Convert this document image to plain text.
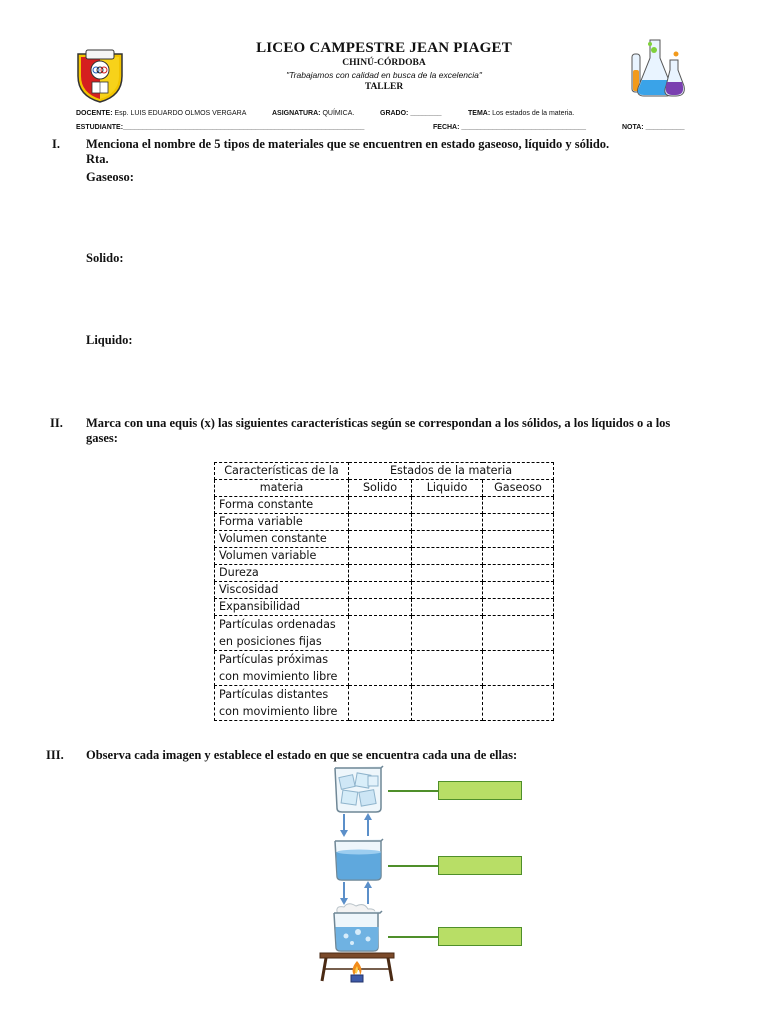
LICEO CAMPESTRE JEAN PIAGET
CHINÚ-CÓRDOBA
"Trabajamos con calidad en busca de la excelencia"
TALLER
DOCENTE: Esp. LUIS EDUARDO OLMOS VERGARA	ASIGNATURA: QUÍMICA.	GRADO: ________	TEMA: Los estados de la materia.
ESTUDIANTE:______________________________________________________________	FECHA: ________________________________	NOTA: __________
I. Menciona el nombre de 5 tipos de materiales que se encuentren en estado gaseoso, líquido y sólido.
Rta.
Gaseoso:
Solido:
Liquido:
II. Marca con una equis (x) las siguientes características según se correspondan a los sólidos, a los líquidos o a los
gases:
Características de la	Estados de la materia		
materia	Solido	Liquido	Gaseoso
Forma constante			
Forma variable			
Volumen constante			
Volumen variable			
Dureza			
Viscosidad			
Expansibilidad			

Partículas ordenadas
en posiciones fijas			

Partículas próximas
con movimiento libre			

Partículas distantes
con movimiento libre			

III. Observa cada imagen y establece el estado en que se encuentra cada una de ellas:
